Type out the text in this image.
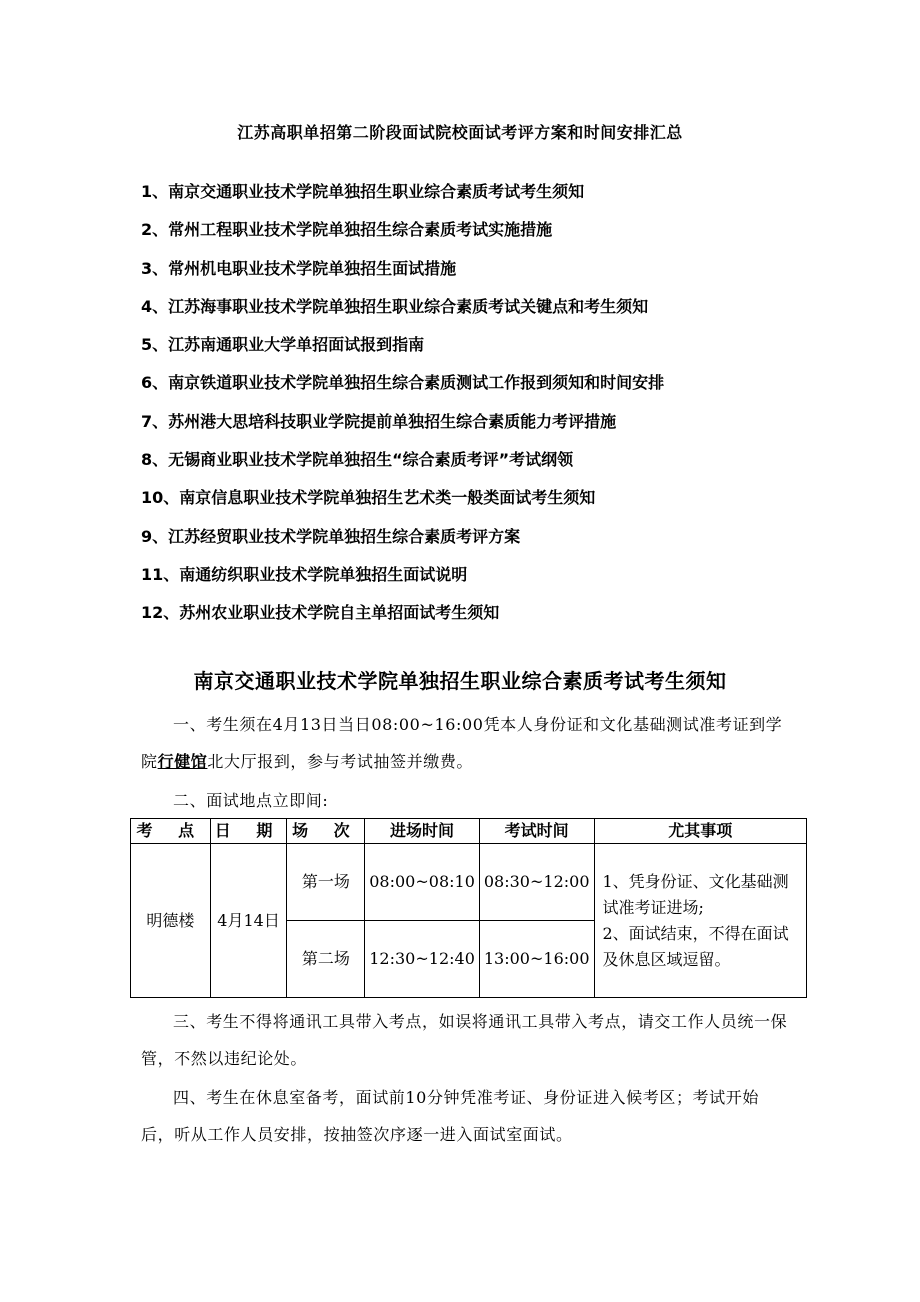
江苏高职单招第二阶段面试院校面试考评方案和时间安排汇总
1、南京交通职业技术学院单独招生职业综合素质考试考生须知
2、常州工程职业技术学院单独招生综合素质考试实施措施
3、常州机电职业技术学院单独招生面试措施
4、江苏海事职业技术学院单独招生职业综合素质考试关键点和考生须知
5、江苏南通职业大学单招面试报到指南
6、南京铁道职业技术学院单独招生综合素质测试工作报到须知和时间安排
7、苏州港大思培科技职业学院提前单独招生综合素质能力考评措施
8、无锡商业职业技术学院单独招生“综合素质考评”考试纲领
10、南京信息职业技术学院单独招生艺术类一般类面试考生须知
9、江苏经贸职业技术学院单独招生综合素质考评方案
11、南通纺织职业技术学院单独招生面试说明
12、苏州农业职业技术学院自主单招面试考生须知
南京交通职业技术学院单独招生职业综合素质考试考生须知

一、考生须在4月13日当日08:00~16:00凭本人身份证和文化基础测试准考证到学院行健馆北大厅报到，参与考试抽签并缴费。

二、面试地点立即间:

考 点	日 期	场 次	进场时间	考试时间	尤其事项
明德楼	4月14日	第一场	08:00~08:10	08:30~12:00	1、凭身份证、文化基础测试准考证进场;
2、面试结束，不得在面试及休息区域逗留。

		第二场	12:30~12:40	13:00~16:00	

三、考生不得将通讯工具带入考点，如误将通讯工具带入考点，请交工作人员统一保管，不然以违纪论处。

四、考生在休息室备考，面试前10分钟凭准考证、身份证进入候考区；考试开始后，听从工作人员安排，按抽签次序逐一进入面试室面试。
